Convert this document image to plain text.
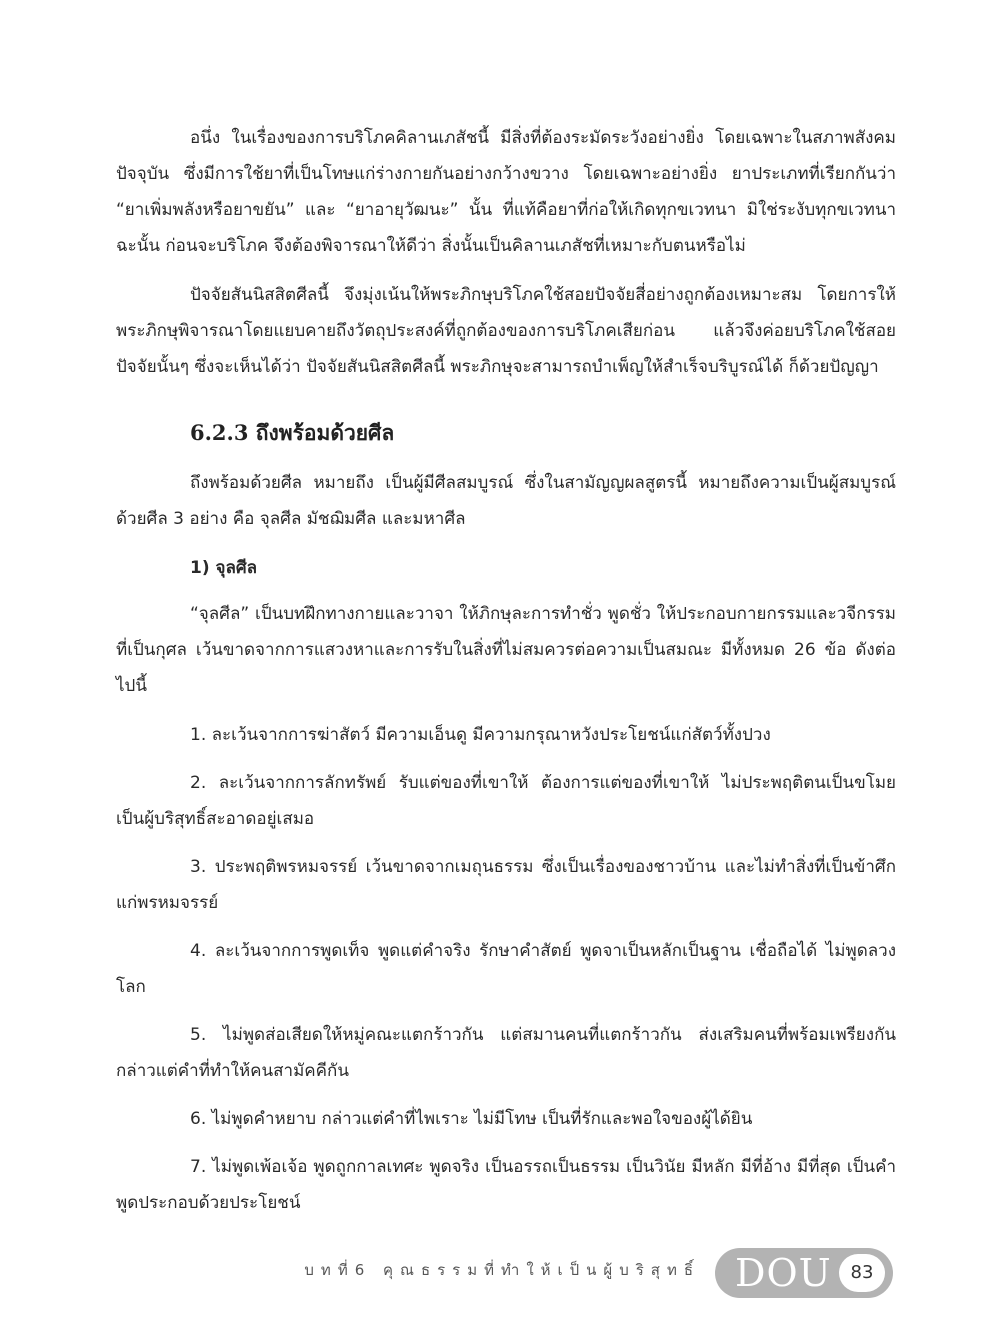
อนึ่ง ในเรื่องของการบริโภคคิลานเภสัชนี้ มีสิ่งที่ต้องระมัดระวังอย่างยิ่ง โดยเฉพาะในสภาพสังคมปัจจุบัน ซึ่งมีการใช้ยาที่เป็นโทษแก่ร่างกายกันอย่างกว้างขวาง โดยเฉพาะอย่างยิ่ง ยาประเภทที่เรียกกันว่า “ยาเพิ่มพลังหรือยาขยัน” และ “ยาอายุวัฒนะ” นั้น ที่แท้คือยาที่ก่อให้เกิดทุกขเวทนา มิใช่ระงับทุกขเวทนา ฉะนั้น ก่อนจะบริโภค จึงต้องพิจารณาให้ดีว่า สิ่งนั้นเป็นคิลานเภสัชที่เหมาะกับตนหรือไม่

ปัจจัยสันนิสสิตศีลนี้ จึงมุ่งเน้นให้พระภิกษุบริโภคใช้สอยปัจจัยสี่อย่างถูกต้องเหมาะสม โดยการให้พระภิกษุพิจารณาโดยแยบคายถึงวัตถุประสงค์ที่ถูกต้องของการบริโภคเสียก่อน แล้วจึงค่อยบริโภคใช้สอยปัจจัยนั้นๆ ซึ่งจะเห็นได้ว่า ปัจจัยสันนิสสิตศีลนี้ พระภิกษุจะสามารถบำเพ็ญให้สำเร็จบริบูรณ์ได้ ก็ด้วยปัญญา

6.2.3 ถึงพร้อมด้วยศีล

ถึงพร้อมด้วยศีล หมายถึง เป็นผู้มีศีลสมบูรณ์ ซึ่งในสามัญญผลสูตรนี้ หมายถึงความเป็นผู้สมบูรณ์ด้วยศีล 3 อย่าง คือ จุลศีล มัชฌิมศีล และมหาศีล

1) จุลศีล

“จุลศีล” เป็นบทฝึกทางกายและวาจา ให้ภิกษุละการทำชั่ว พูดชั่ว ให้ประกอบกายกรรมและวจีกรรมที่เป็นกุศล เว้นขาดจากการแสวงหาและการรับในสิ่งที่ไม่สมควรต่อความเป็นสมณะ มีทั้งหมด 26 ข้อ ดังต่อไปนี้

1. ละเว้นจากการฆ่าสัตว์ มีความเอ็นดู มีความกรุณาหวังประโยชน์แก่สัตว์ทั้งปวง

2. ละเว้นจากการลักทรัพย์ รับแต่ของที่เขาให้ ต้องการแต่ของที่เขาให้ ไม่ประพฤติตนเป็นขโมย เป็นผู้บริสุทธิ์สะอาดอยู่เสมอ

3. ประพฤติพรหมจรรย์ เว้นขาดจากเมถุนธรรม ซึ่งเป็นเรื่องของชาวบ้าน และไม่ทำสิ่งที่เป็นข้าศึกแก่พรหมจรรย์

4. ละเว้นจากการพูดเท็จ พูดแต่คำจริง รักษาคำสัตย์ พูดจาเป็นหลักเป็นฐาน เชื่อถือได้ ไม่พูดลวงโลก

5. ไม่พูดส่อเสียดให้หมู่คณะแตกร้าวกัน แต่สมานคนที่แตกร้าวกัน ส่งเสริมคนที่พร้อมเพรียงกัน กล่าวแต่คำที่ทำให้คนสามัคคีกัน

6. ไม่พูดคำหยาบ กล่าวแต่คำที่ไพเราะ ไม่มีโทษ เป็นที่รักและพอใจของผู้ได้ยิน

7. ไม่พูดเพ้อเจ้อ พูดถูกกาลเทศะ พูดจริง เป็นอรรถเป็นธรรม เป็นวินัย มีหลัก มีที่อ้าง มีที่สุด เป็นคำพูดประกอบด้วยประโยชน์

บทที่6 คุณธรรมที่ทำให้เป็นผู้บริสุทธิ์ DOU	83
